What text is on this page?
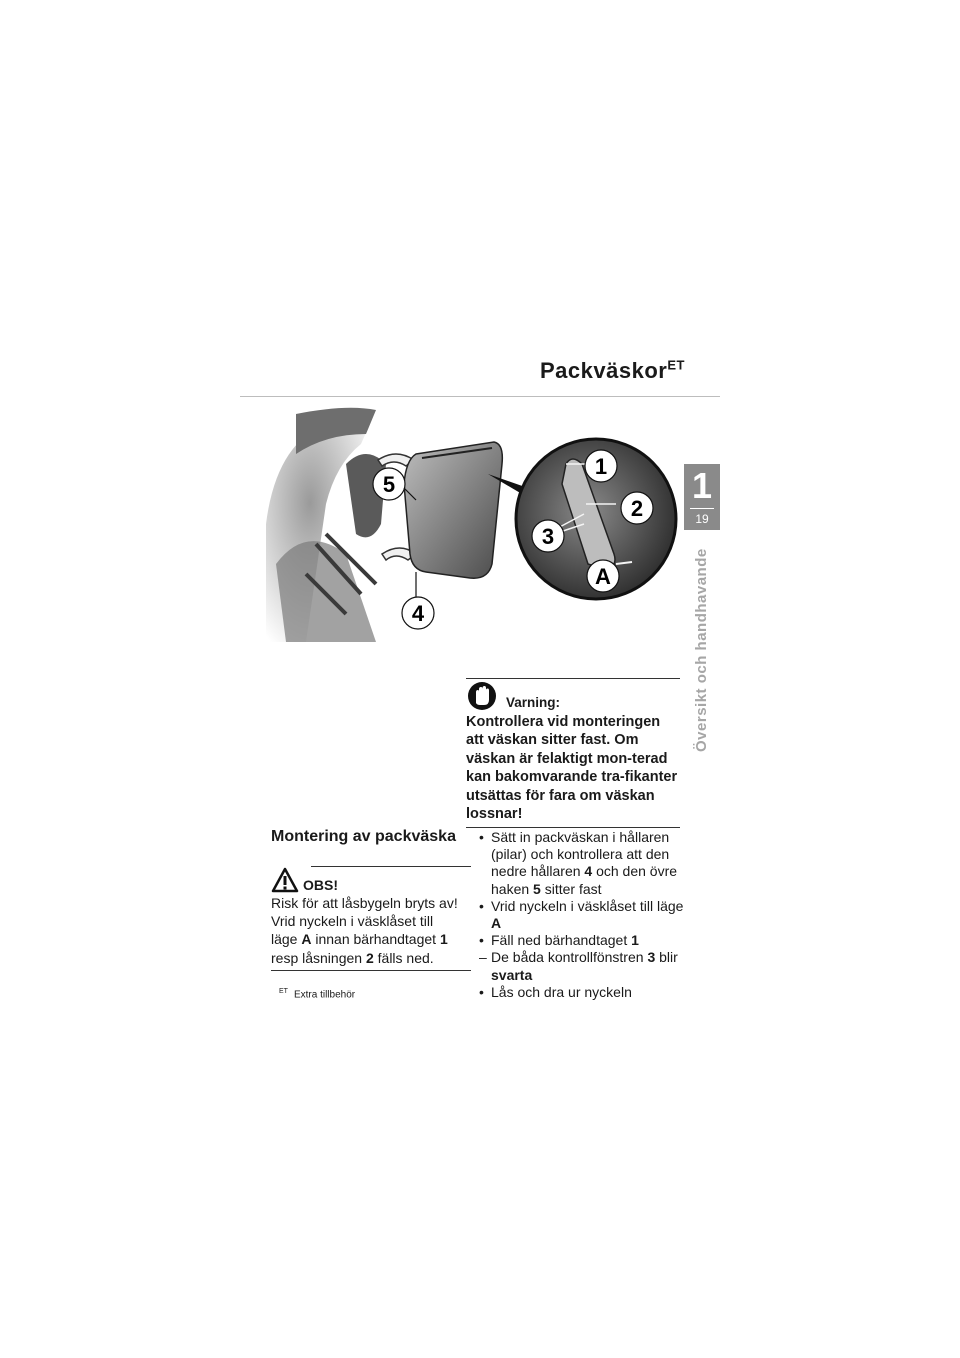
Packväskor$^{ET}$
5
4
1
2
3
A
1
19
Översikt och handhavande
Varning:
Kontrollera vid monteringen att väskan sitter fast. Om väskan är felaktigt mon-terad kan bakomvarande tra-fikanter utsättas för fara om väskan lossnar!
Montering av packväska
OBS!
Risk för att låsbygeln bryts av!
Vrid nyckeln i väsklåset till
läge A innan bärhandtaget 1
resp låsningen 2 fälls ned.
$^{ET}$ Extra tillbehör
• Sätt in packväskan i hållaren (pilar) och kontrollera att den nedre hållaren 4 och den övre haken 5 sitter fast
• Vrid nyckeln i väsklåset till läge A
• Fäll ned bärhandtaget 1
– De båda kontrollfönstren 3 blir svarta
• Lås och dra ur nyckeln
